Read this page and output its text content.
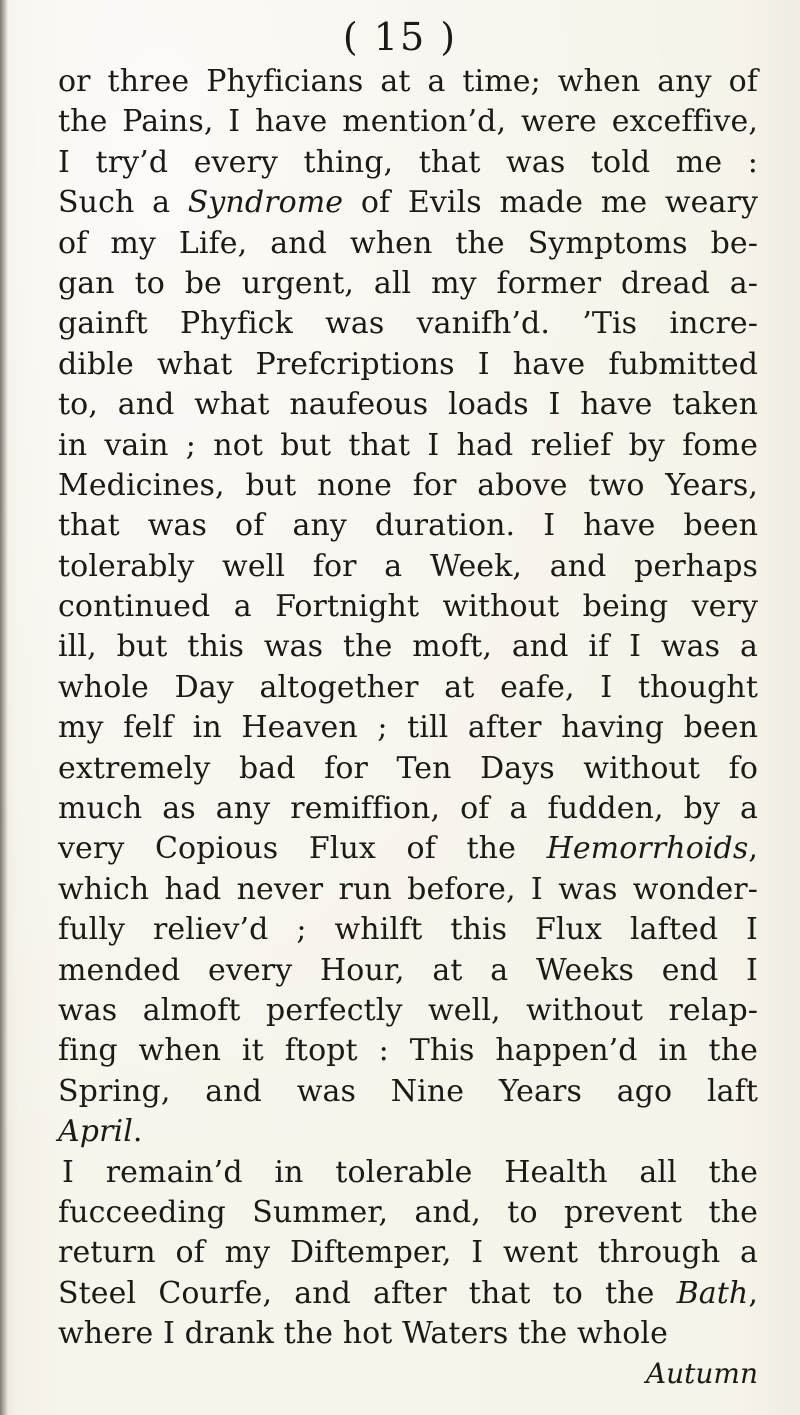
( 15 )
or three Phyficians at a time; when any of
the Pains, I have mention’d, were exceffive,
I try’d every thing, that was told me :
Such a Syndrome of Evils made me weary
of my Life, and when the Symptoms be-
gan to be urgent, all my former dread a-
gainft Phyfick was vanifh’d. ’Tis incre-
dible what Prefcriptions I have fubmitted
to, and what naufeous loads I have taken
in vain ; not but that I had relief by fome
Medicines, but none for above two Years,
that was of any duration. I have been
tolerably well for a Week, and perhaps
continued a Fortnight without being very
ill, but this was the moft, and if I was a
whole Day altogether at eafe, I thought
my felf in Heaven ; till after having been
extremely bad for Ten Days without fo
much as any remiffion, of a fudden, by a
very Copious Flux of the Hemorrhoids,
which had never run before, I was wonder-
fully reliev’d ; whilft this Flux lafted I
mended every Hour, at a Weeks end I
was almoft perfectly well, without relap-
fing when it ftopt : This happen’d in the
Spring, and was Nine Years ago laft
April.
I remain’d in tolerable Health all the
fucceeding Summer, and, to prevent the
return of my Diftemper, I went through a
Steel Courfe, and after that to the Bath,
where I drank the hot Waters the whole
Autumn
